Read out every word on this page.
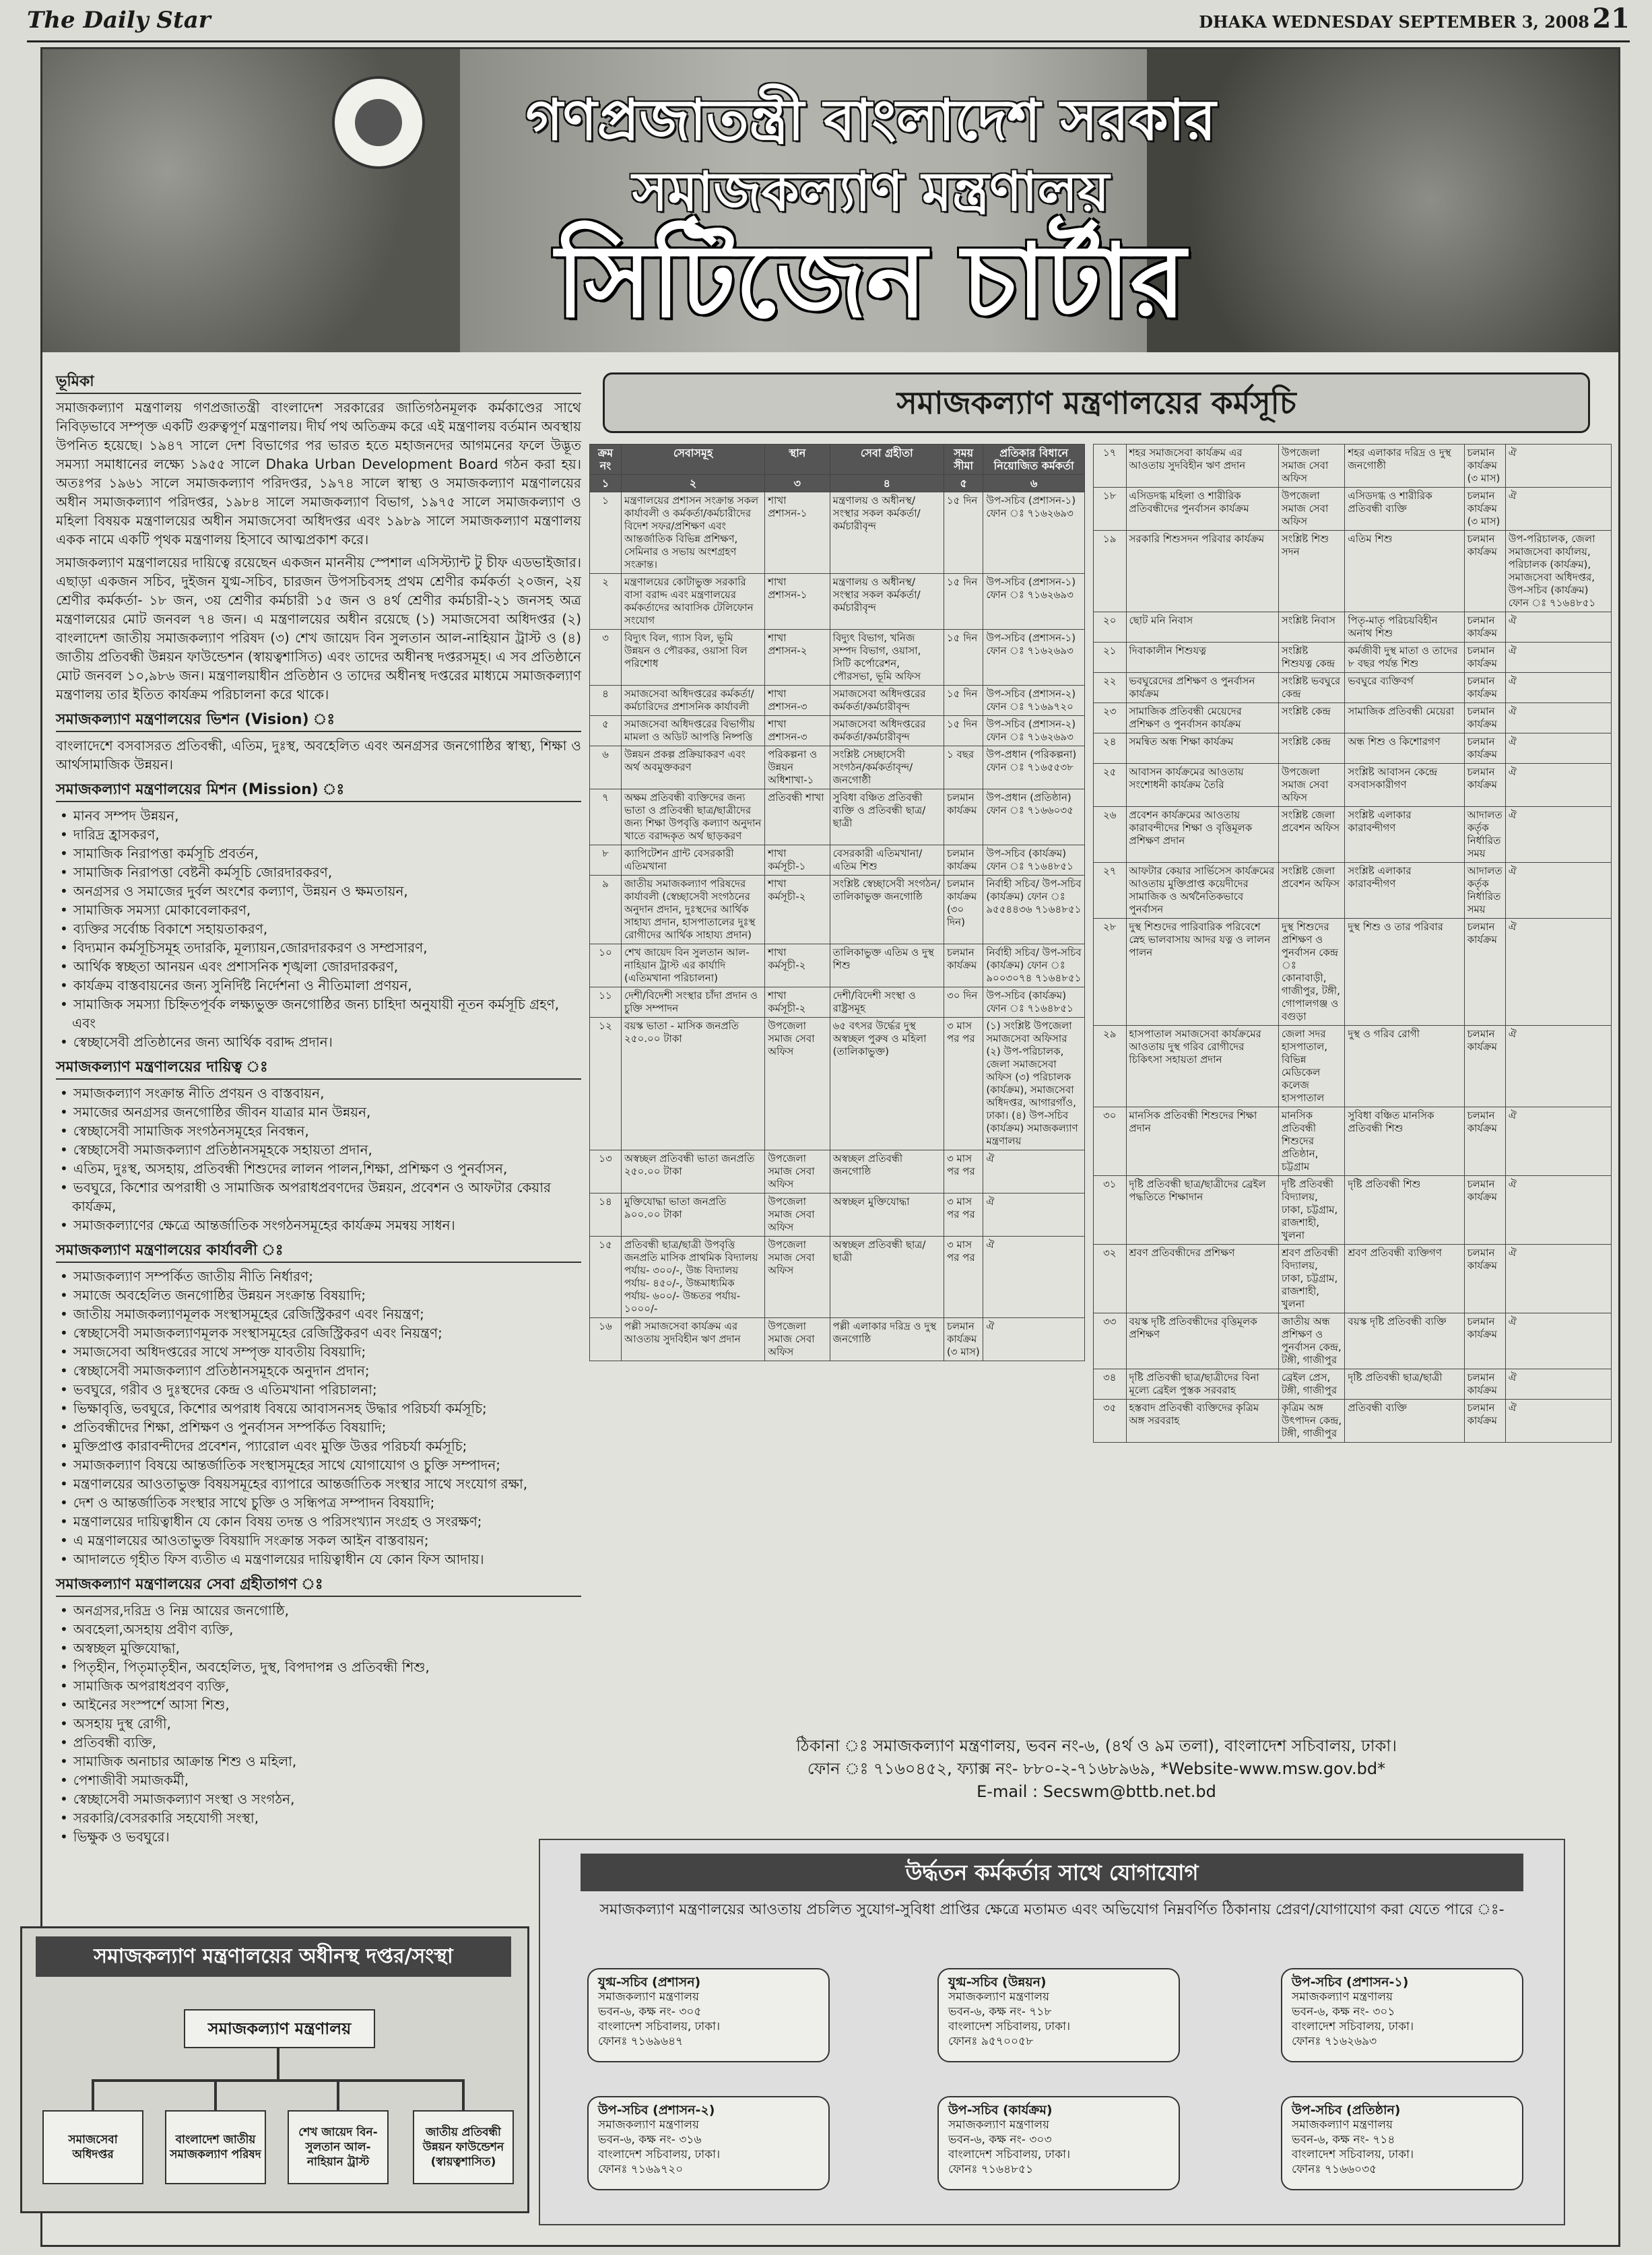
The Daily Star	DHAKA WEDNESDAY SEPTEMBER 3, 2008 21
গণপ্রজাতন্ত্রী বাংলাদেশ সরকার
সমাজকল্যাণ মন্ত্রণালয়
সিটিজেন চার্টার
ভূমিকা

সমাজকল্যাণ মন্ত্রণালয় গণপ্রজাতন্ত্রী বাংলাদেশ সরকারের জাতিগঠনমূলক কর্মকাণ্ডের সাথে নিবিড়ভাবে সম্পৃক্ত একটি গুরুত্বপূর্ণ মন্ত্রণালয়। দীর্ঘ পথ অতিক্রম করে এই মন্ত্রণালয় বর্তমান অবস্থায় উপনিত হয়েছে। ১৯৪৭ সালে দেশ বিভাগের পর ভারত হতে মহাজনদের আগমনের ফলে উদ্ভূত সমস্যা সমাধানের লক্ষ্যে ১৯৫৫ সালে Dhaka Urban Development Board গঠন করা হয়। অতঃপর ১৯৬১ সালে সমাজকল্যাণ পরিদপ্তর, ১৯৭৪ সালে স্বাস্থ্য ও সমাজকল্যাণ মন্ত্রণালয়ের অধীন সমাজকল্যাণ পরিদপ্তর, ১৯৮৪ সালে সমাজকল্যাণ বিভাগ, ১৯৭৫ সালে সমাজকল্যাণ ও মহিলা বিষয়ক মন্ত্রণালয়ের অধীন সমাজসেবা অধিদপ্তর এবং ১৯৮৯ সালে সমাজকল্যাণ মন্ত্রণালয় একক নামে একটি পৃথক মন্ত্রণালয় হিসাবে আত্মপ্রকাশ করে।

সমাজকল্যাণ মন্ত্রণালয়ের দায়িত্বে রয়েছেন একজন মাননীয় স্পেশাল এসিস্ট্যান্ট টু চীফ এডভাইজার। এছাড়া একজন সচিব, দুইজন যুগ্ম-সচিব, চারজন উপসচিবসহ প্রথম শ্রেণীর কর্মকর্তা ২০জন, ২য় শ্রেণীর কর্মকর্তা- ১৮ জন, ৩য় শ্রেণীর কর্মচারী ১৫ জন ও ৪র্থ শ্রেণীর কর্মচারী-২১ জনসহ অত্র মন্ত্রণালয়ের মোট জনবল ৭৪ জন। এ মন্ত্রণালয়ের অধীন রয়েছে (১) সমাজসেবা অধিদপ্তর (২) বাংলাদেশ জাতীয় সমাজকল্যাণ পরিষদ (৩) শেখ জায়েদ বিন সুলতান আল-নাহিয়ান ট্রাস্ট ও (৪) জাতীয় প্রতিবন্ধী উন্নয়ন ফাউন্ডেশন (স্বায়ত্বশাসিত) এবং তাদের অধীনস্থ দপ্তরসমূহ। এ সব প্রতিষ্ঠানে মোট জনবল ১০,৯৮৬ জন। মন্ত্রণালয়াধীন প্রতিষ্ঠান ও তাদের অধীনস্থ দপ্তরের মাধ্যমে সমাজকল্যাণ মন্ত্রণালয় তার ইতিত কার্যক্রম পরিচালনা করে থাকে।

সমাজকল্যাণ মন্ত্রণালয়ের ভিশন (Vision) ঃ

বাংলাদেশে বসবাসরত প্রতিবন্ধী, এতিম, দুঃস্থ, অবহেলিত এবং অনগ্রসর জনগোষ্ঠির স্বাস্থ্য, শিক্ষা ও আর্থসামাজিক উন্নয়ন।

সমাজকল্যাণ মন্ত্রণালয়ের মিশন (Mission) ঃ
• মানব সম্পদ উন্নয়ন,
• দারিদ্র হ্রাসকরণ,
• সামাজিক নিরাপত্তা কর্মসূচি প্রবর্তন,
• সামাজিক নিরাপত্তা বেষ্টনী কর্মসূচি জোরদারকরণ,
• অনগ্রসর ও সমাজের দুর্বল অংশের কল্যাণ, উন্নয়ন ও ক্ষমতায়ন,
• সামাজিক সমস্যা মোকাবেলাকরণ,
• ব্যক্তির সর্বোচ্চ বিকাশে সহায়তাকরণ,
• বিদ্যমান কর্মসূচিসমূহ তদারকি, মূল্যায়ন,জোরদারকরণ ও সম্প্রসারণ,
• আর্থিক স্বচ্ছতা আনয়ন এবং প্রশাসনিক শৃঙ্খলা জোরদারকরণ,
• কার্যক্রম বাস্তবায়নের জন্য সুনির্দিষ্ট নির্দেশনা ও নীতিমালা প্রণয়ন,
• সামাজিক সমস্যা চিহ্নিতপূর্বক লক্ষ্যভুক্ত জনগোষ্ঠির জন্য চাহিদা অনুযায়ী নূতন কর্মসূচি গ্রহণ, এবং
• স্বেচ্ছাসেবী প্রতিষ্ঠানের জন্য আর্থিক বরাদ্দ প্রদান।
সমাজকল্যাণ মন্ত্রণালয়ের দায়িত্ব ঃ
• সমাজকল্যাণ সংক্রান্ত নীতি প্রণয়ন ও বাস্তবায়ন,
• সমাজের অনগ্রসর জনগোষ্ঠির জীবন যাত্রার মান উন্নয়ন,
• স্বেচ্ছাসেবী সামাজিক সংগঠনসমূহের নিবন্ধন,
• স্বেচ্ছাসেবী সমাজকল্যাণ প্রতিষ্ঠানসমূহকে সহায়তা প্রদান,
• এতিম, দুঃস্থ, অসহায়, প্রতিবন্ধী শিশুদের লালন পালন,শিক্ষা, প্রশিক্ষণ ও পুনর্বাসন,
• ভবঘুরে, কিশোর অপরাধী ও সামাজিক অপরাধপ্রবণদের উন্নয়ন, প্রবেশন ও আফটার কেয়ার কার্যক্রম,
• সমাজকল্যাণের ক্ষেত্রে আন্তর্জাতিক সংগঠনসমূহের কার্যক্রম সমন্বয় সাধন।
সমাজকল্যাণ মন্ত্রণালয়ের কার্যাবলী ঃ
• সমাজকল্যাণ সম্পর্কিত জাতীয় নীতি নির্ধারণ;
• সমাজে অবহেলিত জনগোষ্ঠির উন্নয়ন সংক্রান্ত বিষয়াদি;
• জাতীয় সমাজকল্যাণমূলক সংস্থাসমূহের রেজিস্ট্রিকরণ এবং নিয়ন্ত্রণ;
• স্বেচ্ছাসেবী সমাজকল্যাণমূলক সংস্থাসমূহের রেজিস্ট্রিকরণ এবং নিয়ন্ত্রণ;
• সমাজসেবা অধিদপ্তরের সাথে সম্পৃক্ত যাবতীয় বিষয়াদি;
• স্বেচ্ছাসেবী সমাজকল্যাণ প্রতিষ্ঠানসমূহকে অনুদান প্রদান;
• ভবঘুরে, গরীব ও দুঃস্থদের কেন্দ্র ও এতিমখানা পরিচালনা;
• ভিক্ষাবৃত্তি, ভবঘুরে, কিশোর অপরাধ বিষয়ে আবাসনসহ উদ্ধার পরিচর্যা কর্মসূচি;
• প্রতিবন্ধীদের শিক্ষা, প্রশিক্ষণ ও পুনর্বাসন সম্পর্কিত বিষয়াদি;
• মুক্তিপ্রাপ্ত কারাবন্দীদের প্রবেশন, প্যারোল এবং মুক্তি উত্তর পরিচর্যা কর্মসূচি;
• সমাজকল্যাণ বিষয়ে আন্তর্জাতিক সংস্থাসমূহের সাথে যোগাযোগ ও চুক্তি সম্পাদন;
• মন্ত্রণালয়ের আওতাভুক্ত বিষয়সমূহের ব্যাপারে আন্তর্জাতিক সংস্থার সাথে সংযোগ রক্ষা,
• দেশ ও আন্তর্জাতিক সংস্থার সাথে চুক্তি ও সন্ধিপত্র সম্পাদন বিষয়াদি;
• মন্ত্রণালয়ের দায়িত্বাধীন যে কোন বিষয় তদন্ত ও পরিসংখ্যান সংগ্রহ ও সংরক্ষণ;
• এ মন্ত্রণালয়ের আওতাভুক্ত বিষয়াদি সংক্রান্ত সকল আইন বাস্তবায়ন;
• আদালতে গৃহীত ফিস ব্যতীত এ মন্ত্রণালয়ের দায়িত্বাধীন যে কোন ফিস আদায়।
সমাজকল্যাণ মন্ত্রণালয়ের সেবা গ্রহীতাগণ ঃ
• অনগ্রসর,দরিদ্র ও নিম্ন আয়ের জনগোষ্ঠি,
• অবহেলা,অসহায় প্রবীণ ব্যক্তি,
• অস্বচ্ছল মুক্তিযোদ্ধা,
• পিতৃহীন, পিতৃমাতৃহীন, অবহেলিত, দুস্থ, বিপদাপন্ন ও প্রতিবন্ধী শিশু,
• সামাজিক অপরাধপ্রবণ ব্যক্তি,
• আইনের সংস্পর্শে আসা শিশু,
• অসহায় দুস্থ রোগী,
• প্রতিবন্ধী ব্যক্তি,
• সামাজিক অনাচার আক্রান্ত শিশু ও মহিলা,
• পেশাজীবী সমাজকর্মী,
• স্বেচ্ছাসেবী সমাজকল্যাণ সংস্থা ও সংগঠন,
• সরকারি/বেসরকারি সহযোগী সংস্থা,
• ভিক্ষুক ও ভবঘুরে।
সমাজকল্যাণ মন্ত্রণালয়ের কর্মসূচি
ক্রম নং	সেবাসমূহ	স্থান	সেবা গ্রহীতা	সময় সীমা	প্রতিকার বিধানে নিয়োজিত কর্মকর্তা
১	২	৩	৪	৫	৬
১	মন্ত্রণালয়ের প্রশাসন সংক্রান্ত সকল কার্যাবলী ও কর্মকর্তা/কর্মচারীদের বিদেশ সফর/প্রশিক্ষণ এবং আন্তর্জাতিক বিভিন্ন প্রশিক্ষণ, সেমিনার ও সভায় অংশগ্রহণ সংক্রান্ত।	শাখা প্রশাসন-১	মন্ত্রণালয় ও অধীনস্থ/সংস্থার সকল কর্মকর্তা/কর্মচারীবৃন্দ	১৫ দিন	উপ-সচিব (প্রশাসন-১) ফোন ঃ ৭১৬২৬৯৩
২	মন্ত্রণালয়ের কোটাভুক্ত সরকারি বাসা বরাদ্দ এবং মন্ত্রণালয়ের কর্মকর্তাদের আবাসিক টেলিফোন সংযোগ	শাখা প্রশাসন-১	মন্ত্রণালয় ও অধীনস্থ/সংস্থার সকল কর্মকর্তা/কর্মচারীবৃন্দ	১৫ দিন	উপ-সচিব (প্রশাসন-১) ফোন ঃ ৭১৬২৬৯৩
৩	বিদ্যুৎ বিল, গ্যাস বিল, ভূমি উন্নয়ন ও পৌরকর, ওয়াসা বিল পরিশোধ	শাখা প্রশাসন-২	বিদ্যুৎ বিভাগ, খনিজ সম্পদ বিভাগ, ওয়াসা, সিটি কর্পোরেশন, পৌরসভা, ভূমি অফিস	১৫ দিন	উপ-সচিব (প্রশাসন-১) ফোন ঃ ৭১৬২৬৯৩
৪	সমাজসেবা অধিদপ্তরের কর্মকর্তা/কর্মচারিদের প্রশাসনিক কার্যাবলী	শাখা প্রশাসন-৩	সমাজসেবা অধিদপ্তরের কর্মকর্তা/কর্মচারীবৃন্দ	১৫ দিন	উপ-সচিব (প্রশাসন-২) ফোন ঃ ৭১৬৯৭২০
৫	সমাজসেবা অধিদপ্তরের বিভাগীয় মামলা ও অডিট আপত্তি নিষ্পত্তি	শাখা প্রশাসন-৩	সমাজসেবা অধিদপ্তরের কর্মকর্তা/কর্মচারীবৃন্দ	১৫ দিন	উপ-সচিব (প্রশাসন-২) ফোন ঃ ৭১৬২৬৯৩
৬	উন্নয়ন প্রকল্প প্রক্রিয়াকরণ এবং অর্থ অবমুক্তকরণ	পরিকল্পনা ও উন্নয়ন অধিশাখা-১	সংশ্লিষ্ট সেচ্ছাসেবী সংগঠন/কর্মকর্তাবৃন্দ/জনগোষ্ঠী	১ বছর	উপ-প্রধান (পরিকল্পনা) ফোন ঃ ৭১৬৫৫৩৮
৭	অক্ষম প্রতিবন্ধী ব্যক্তিদের জন্য ভাতা ও প্রতিবন্ধী ছাত্র/ছাত্রীদের জন্য শিক্ষা উপবৃত্তি কল্যাণ অনুদান খাতে বরাদ্দকৃত অর্থ ছাড়করণ	প্রতিবন্ধী শাখা	সুবিধা বঞ্চিত প্রতিবন্ধী ব্যক্তি ও প্রতিবন্ধী ছাত্র/ছাত্রী	চলমান কার্যক্রম	উপ-প্রধান (প্রতিষ্ঠান) ফোন ঃ ৭১৬৬০৩৫
৮	ক্যাপিটেশন গ্রান্ট বেসরকারী এতিমখানা	শাখা কর্মসূচী-১	বেসরকারী এতিমখানা/এতিম শিশু	চলমান কার্যক্রম	উপ-সচিব (কার্যক্রম) ফোন ঃ ৭১৬৪৮৫১
৯	জাতীয় সমাজকল্যাণ পরিষদের কার্যাবলী (স্বেচ্ছাসেবী সংগঠনের অনুদান প্রদান, দুঃস্থদের আর্থিক সাহায্য প্রদান, হাসপাতালের দুঃস্থ রোগীদের আর্থিক সাহায্য প্রদান)	শাখা কর্মসূচী-২	সংশ্লিষ্ট স্বেচ্ছাসেবী সংগঠন/তালিকাভুক্ত জনগোষ্ঠি	চলমান কার্যক্রম (৩০ দিন)	নির্বাহী সচিব/ উপ-সচিব (কার্যক্রম) ফোন ঃ ৯৫৫৪৪৩৬ ৭১৬৪৮৫১
১০	শেখ জায়েদ বিন সুলতান আল-নাহিয়ান ট্রাস্ট এর কার্যাদি (এতিমখানা পরিচালনা)	শাখা কর্মসূচী-২	তালিকাভুক্ত এতিম ও দুস্থ শিশু	চলমান কার্যক্রম	নির্বাহী সচিব/ উপ-সচিব (কার্যক্রম) ফোন ঃ ৯০০৩০৭৪ ৭১৬৪৮৫১
১১	দেশী/বিদেশী সংস্থার চাঁদা প্রদান ও চুক্তি সম্পাদন	শাখা কর্মসূচী-২	দেশী/বিদেশী সংস্থা ও রাষ্ট্রসমূহ	৩০ দিন	উপ-সচিব (কার্যক্রম) ফোন ঃ ৭১৬৪৮৫১
১২	বয়স্ক ভাতা - মাসিক জনপ্রতি ২৫০.০০ টাকা	উপজেলা সমাজ সেবা অফিস	৬৫ বৎসর উর্দ্ধের দুস্থ অস্বচ্ছল পুরুষ ও মহিলা (তালিকাভুক্ত)	৩ মাস পর পর	(১) সংশ্লিষ্ট উপজেলা সমাজসেবা অফিসার (২) উপ-পরিচালক, জেলা সমাজসেবা অফিস (৩) পরিচালক (কার্যক্রম), সমাজসেবা অধিদপ্তর, আগারগাঁও, ঢাকা। (৪) উপ-সচিব (কার্যক্রম) সমাজকল্যাণ মন্ত্রণালয়
১৩	অস্বচ্ছল প্রতিবন্ধী ভাতা জনপ্রতি ২৫০.০০ টাকা	উপজেলা সমাজ সেবা অফিস	অস্বচ্ছল প্রতিবন্ধী জনগোষ্ঠি	৩ মাস পর পর	ঐ
১৪	মুক্তিযোদ্ধা ভাতা জনপ্রতি ৯০০.০০ টাকা	উপজেলা সমাজ সেবা অফিস	অস্বচ্ছল মুক্তিযোদ্ধা	৩ মাস পর পর	ঐ
১৫	প্রতিবন্ধী ছাত্র/ছাত্রী উপবৃত্তি জনপ্রতি মাসিক প্রাথমিক বিদ্যালয় পর্যায়- ৩০০/-, উচ্চ বিদ্যালয় পর্যায়- ৪৫০/-, উচ্চমাধ্যমিক পর্যায়- ৬০০/- উচ্চতর পর্যায়- ১০০০/-	উপজেলা সমাজ সেবা অফিস	অস্বচ্ছল প্রতিবন্ধী ছাত্র/ছাত্রী	৩ মাস পর পর	ঐ
১৬	পল্লী সমাজসেবা কার্যক্রম এর আওতায় সুদবিহীন ঋণ প্রদান	উপজেলা সমাজ সেবা অফিস	পল্লী এলাকার দরিদ্র ও দুস্থ জনগোষ্ঠি	চলমান কার্যক্রম (৩ মাস)	ঐ
১৭	শহর সমাজসেবা কার্যক্রম এর আওতায় সুদবিহীন ঋণ প্রদান	উপজেলা সমাজ সেবা অফিস	শহর এলাকার দরিদ্র ও দুস্থ জনগোষ্ঠী	চলমান কার্যক্রম (৩ মাস)	ঐ
১৮	এসিডদগ্ধ মহিলা ও শারীরিক প্রতিবন্ধীদের পুনর্বাসন কার্যক্রম	উপজেলা সমাজ সেবা অফিস	এসিডদগ্ধ ও শারীরিক প্রতিবন্ধী ব্যক্তি	চলমান কার্যক্রম (৩ মাস)	ঐ
১৯	সরকারি শিশুসদন পরিবার কার্যক্রম	সংশ্লিষ্ট শিশু সদন	এতিম শিশু	চলমান কার্যক্রম	উপ-পরিচালক, জেলা সমাজসেবা কার্যালয়, পরিচালক (কার্যক্রম), সমাজসেবা অধিদপ্তর, উপ-সচিব (কার্যক্রম) ফোন ঃ ৭১৬৪৮৫১
২০	ছোট মনি নিবাস	সংশ্লিষ্ট নিবাস	পিতৃ-মাতৃ পরিচয়বিহীন অনাথ শিশু	চলমান কার্যক্রম	ঐ
২১	দিবাকালীন শিশুযত্ন	সংশ্লিষ্ট শিশুযত্ন কেন্দ্র	কর্মজীবী দুস্থ মাতা ও তাদের ৮ বছর পর্যন্ত শিশু	চলমান কার্যক্রম	ঐ
২২	ভবঘুরেদের প্রশিক্ষণ ও পুনর্বাসন কার্যক্রম	সংশ্লিষ্ট ভবঘুরে কেন্দ্র	ভবঘুরে ব্যক্তিবর্গ	চলমান কার্যক্রম	ঐ
২৩	সামাজিক প্রতিবন্ধী মেয়েদের প্রশিক্ষণ ও পুনর্বাসন কার্যক্রম	সংশ্লিষ্ট কেন্দ্র	সামাজিক প্রতিবন্ধী মেয়েরা	চলমান কার্যক্রম	ঐ
২৪	সমন্বিত অন্ধ শিক্ষা কার্যক্রম	সংশ্লিষ্ট কেন্দ্র	অন্ধ শিশু ও কিশোরগণ	চলমান কার্যক্রম	ঐ
২৫	আবাসন কার্যক্রমের আওতায় সংশোধনী কার্যক্রম তৈরি	উপজেলা সমাজ সেবা অফিস	সংশ্লিষ্ট আবাসন কেন্দ্রে বসবাসকারীগণ	চলমান কার্যক্রম	ঐ
২৬	প্রবেশন কার্যক্রমের আওতায় কারাবন্দীদের শিক্ষা ও বৃত্তিমূলক প্রশিক্ষণ প্রদান	সংশ্লিষ্ট জেলা প্রবেশন অফিস	সংশ্লিষ্ট এলাকার কারাবন্দীগণ	আদালত কর্তৃক নির্ধারিত সময়	ঐ
২৭	আফটার কেয়ার সার্ভিসেস কার্যক্রমের আওতায় মুক্তিপ্রাপ্ত কয়েদীদের সামাজিক ও অর্থনৈতিকভাবে পুনর্বাসন	সংশ্লিষ্ট জেলা প্রবেশন অফিস	সংশ্লিষ্ট এলাকার কারাবন্দীগণ	আদালত কর্তৃক নির্ধারিত সময়	ঐ
২৮	দুস্থ শিশুদের পারিবারিক পরিবেশে স্নেহ ভালবাসায় আদর যত্ন ও লালন পালন	দুস্থ শিশুদের প্রশিক্ষণ ও পুনর্বাসন কেন্দ্র ঃ কোনাবাড়ী, গাজীপুর, টঙ্গী, গোপালগঞ্জ ও বগুড়া	দুস্থ শিশু ও তার পরিবার	চলমান কার্যক্রম	ঐ
২৯	হাসপাতাল সমাজসেবা কার্যক্রমের আওতায় দুস্থ গরিব রোগীদের চিকিৎসা সহায়তা প্রদান	জেলা সদর হাসপাতাল, বিভিন্ন মেডিকেল কলেজ হাসপাতাল	দুস্থ ও গরিব রোগী	চলমান কার্যক্রম	ঐ
৩০	মানসিক প্রতিবন্ধী শিশুদের শিক্ষা প্রদান	মানসিক প্রতিবন্ধী শিশুদের প্রতিষ্ঠান, চট্টগ্রাম	সুবিধা বঞ্চিত মানসিক প্রতিবন্ধী শিশু	চলমান কার্যক্রম	ঐ
৩১	দৃষ্টি প্রতিবন্ধী ছাত্র/ছাত্রীদের ব্রেইল পদ্ধতিতে শিক্ষাদান	দৃষ্টি প্রতিবন্ধী বিদ্যালয়, ঢাকা, চট্টগ্রাম, রাজশাহী, খুলনা	দৃষ্টি প্রতিবন্ধী শিশু	চলমান কার্যক্রম	ঐ
৩২	শ্রবণ প্রতিবন্ধীদের প্রশিক্ষণ	শ্রবণ প্রতিবন্ধী বিদ্যালয়, ঢাকা, চট্টগ্রাম, রাজশাহী, খুলনা	শ্রবণ প্রতিবন্ধী ব্যক্তিগণ	চলমান কার্যক্রম	ঐ
৩৩	বয়স্ক দৃষ্টি প্রতিবন্ধীদের বৃত্তিমূলক প্রশিক্ষণ	জাতীয় অন্ধ প্রশিক্ষণ ও পুনর্বাসন কেন্দ্র, টঙ্গী, গাজীপুর	বয়স্ক দৃষ্টি প্রতিবন্ধী ব্যক্তি	চলমান কার্যক্রম	ঐ
৩৪	দৃষ্টি প্রতিবন্ধী ছাত্র/ছাত্রীদের বিনা মূল্যে ব্রেইল পুস্তক সরবরাহ	ব্রেইল প্রেস, টঙ্গী, গাজীপুর	দৃষ্টি প্রতিবন্ধী ছাত্র/ছাত্রী	চলমান কার্যক্রম	ঐ
৩৫	হস্তবাদ প্রতিবন্ধী ব্যক্তিদের কৃত্রিম অঙ্গ সরবরাহ	কৃত্রিম অঙ্গ উৎপাদন কেন্দ্র, টঙ্গী, গাজীপুর	প্রতিবন্ধী ব্যক্তি	চলমান কার্যক্রম	ঐ
ঠিকানা ঃ সমাজকল্যাণ মন্ত্রণালয়, ভবন নং-৬, (৪র্থ ও ৯ম তলা), বাংলাদেশ সচিবালয়, ঢাকা।
ফোন ঃ ৭১৬০৪৫২, ফ্যাক্স নং- ৮৮০-২-৭১৬৮৯৬৯, *Website-www.msw.gov.bd*
E-mail : Secswm@bttb.net.bd
সমাজকল্যাণ মন্ত্রণালয়ের অধীনস্থ দপ্তর/সংস্থা
সমাজকল্যাণ মন্ত্রণালয়
সমাজসেবা অধিদপ্তর
বাংলাদেশ জাতীয় সমাজকল্যাণ পরিষদ
শেখ জায়েদ বিন-সুলতান আল-নাহিয়ান ট্রাস্ট
জাতীয় প্রতিবন্ধী উন্নয়ন ফাউন্ডেশন (স্বায়ত্বশাসিত)
উর্দ্ধতন কর্মকর্তার সাথে যোগাযোগ
সমাজকল্যাণ মন্ত্রণালয়ের আওতায় প্রচলিত সুযোগ-সুবিধা প্রাপ্তির ক্ষেত্রে মতামত এবং অভিযোগ নিম্নবর্ণিত ঠিকানায় প্রেরণ/যোগাযোগ করা যেতে পারে ঃ-
যুগ্ম-সচিব (প্রশাসন)
সমাজকল্যাণ মন্ত্রণালয়
ভবন-৬, কক্ষ নং- ৩০৫
বাংলাদেশ সচিবালয়, ঢাকা।
ফোনঃ ৭১৬৯৬৪৭
যুগ্ম-সচিব (উন্নয়ন)
সমাজকল্যাণ মন্ত্রণালয়
ভবন-৬, কক্ষ নং- ৭১৮
বাংলাদেশ সচিবালয়, ঢাকা।
ফোনঃ ৯৫৭০০৫৮
উপ-সচিব (প্রশাসন-১)
সমাজকল্যাণ মন্ত্রণালয়
ভবন-৬, কক্ষ নং- ৩০১
বাংলাদেশ সচিবালয়, ঢাকা।
ফোনঃ ৭১৬২৬৯৩
উপ-সচিব (প্রশাসন-২)
সমাজকল্যাণ মন্ত্রণালয়
ভবন-৬, কক্ষ নং- ৩১৬
বাংলাদেশ সচিবালয়, ঢাকা।
ফোনঃ ৭১৬৯৭২০
উপ-সচিব (কার্যক্রম)
সমাজকল্যাণ মন্ত্রণালয়
ভবন-৬, কক্ষ নং- ৩০৩
বাংলাদেশ সচিবালয়, ঢাকা।
ফোনঃ ৭১৬৪৮৫১
উপ-সচিব (প্রতিষ্ঠান)
সমাজকল্যাণ মন্ত্রণালয়
ভবন-৬, কক্ষ নং- ৭১৪
বাংলাদেশ সচিবালয়, ঢাকা।
ফোনঃ ৭১৬৬০৩৫
